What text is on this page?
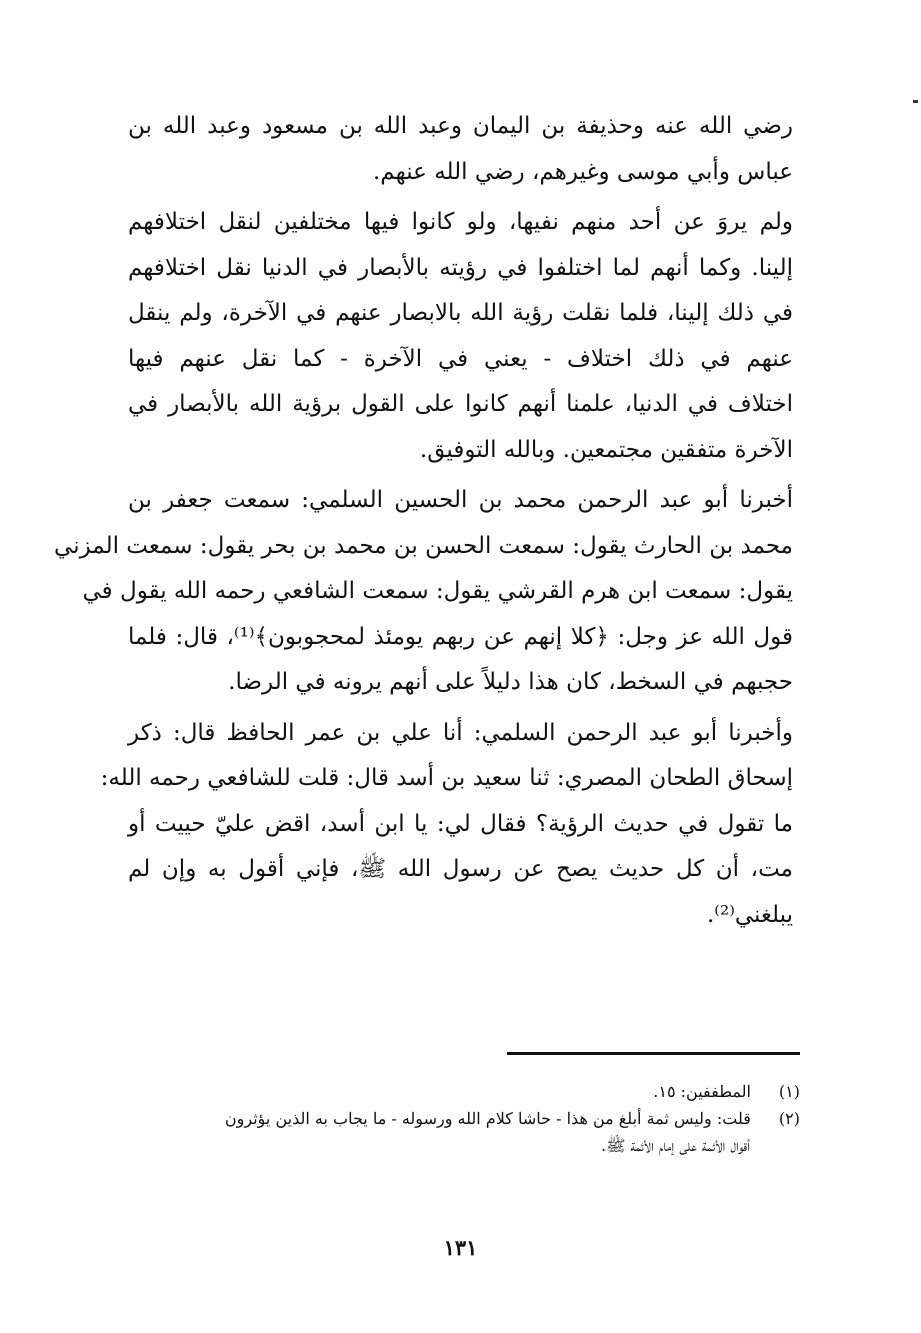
رضي الله عنه وحذيفة بن اليمان وعبد الله بن مسعود وعبد الله بن
عباس وأبي موسى وغيرهم، رضي الله عنهم.
ولم يروَ عن أحد منهم نفيها، ولو كانوا فيها مختلفين لنقل اختلافهم
إلينا. وكما أنهم لما اختلفوا في رؤيته بالأبصار في الدنيا نقل اختلافهم
في ذلك إلينا، فلما نقلت رؤية الله بالابصار عنهم في الآخرة، ولم ينقل
عنهم في ذلك اختلاف - يعني في الآخرة - كما نقل عنهم فيها
اختلاف في الدنيا، علمنا أنهم كانوا على القول برؤية الله بالأبصار في
الآخرة متفقين مجتمعين. وبالله التوفيق.
أخبرنا أبو عبد الرحمن محمد بن الحسين السلمي: سمعت جعفر بن
محمد بن الحارث يقول: سمعت الحسن بن محمد بن بحر يقول: سمعت المزني
يقول: سمعت ابن هرم القرشي يقول: سمعت الشافعي رحمه الله يقول في
قول الله عز وجل: ﴿كلا إنهم عن ربهم يومئذ لمحجوبون﴾⁽¹⁾، قال: فلما
حجبهم في السخط، كان هذا دليلاً على أنهم يرونه في الرضا.
وأخبرنا أبو عبد الرحمن السلمي: أنا علي بن عمر الحافظ قال: ذكر
إسحاق الطحان المصري: ثنا سعيد بن أسد قال: قلت للشافعي رحمه الله:
ما تقول في حديث الرؤية؟ فقال لي: يا ابن أسد، اقض عليّ حييت أو
مت، أن كل حديث يصح عن رسول الله ﷺ، فإني أقول به وإن لم
يبلغني⁽²⁾.
(١) المطففين: ١٥.
(٢) قلت: وليس ثمة أبلغ من هذا - حاشا كلام الله ورسوله - ما يجاب به الذين يؤثرون
أقوال الأئمة على إمام الأئمة ﷺ.
١٣١
